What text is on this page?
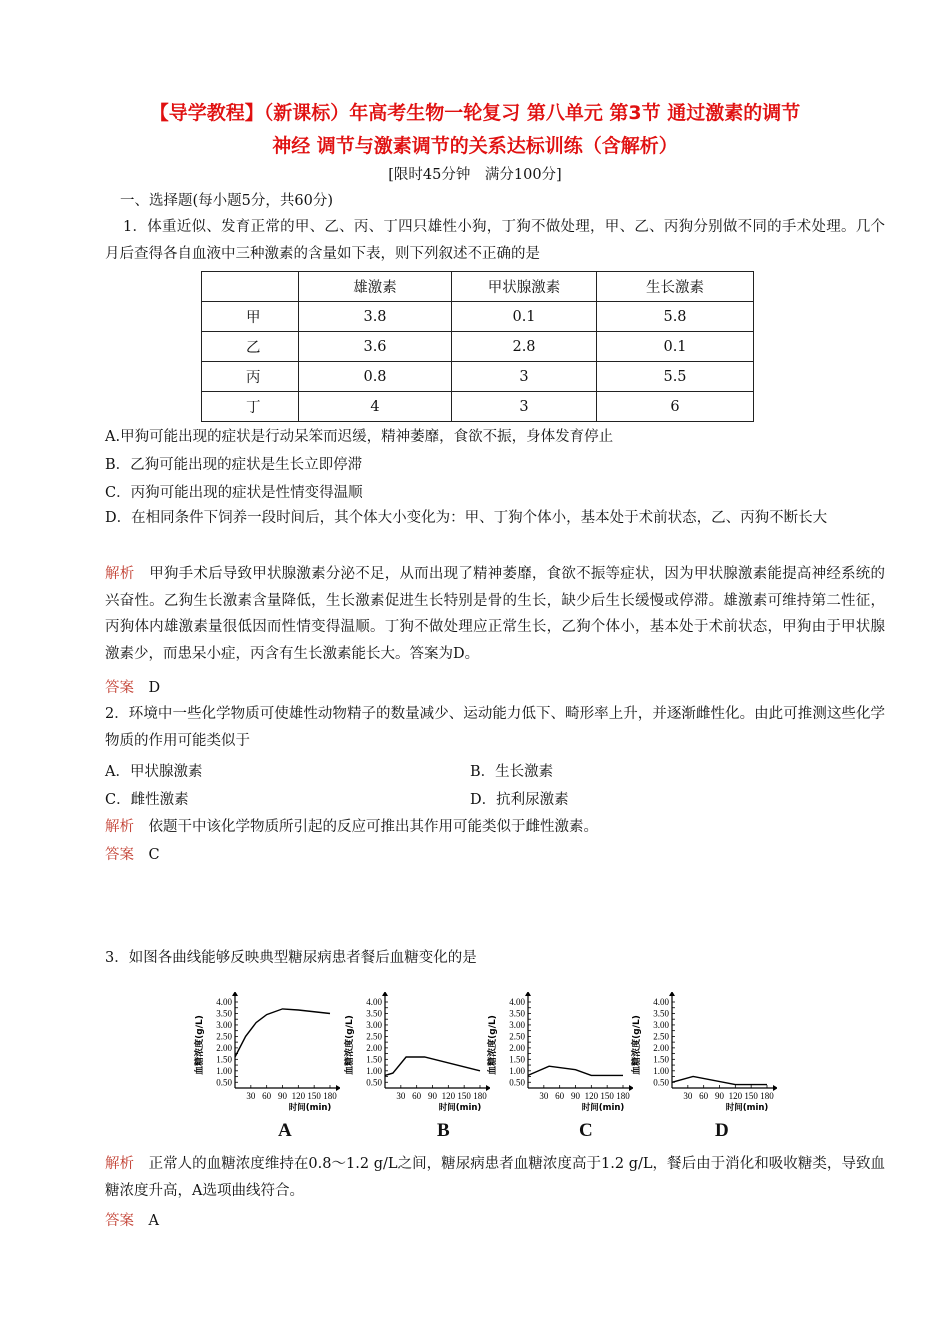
【导学教程】（新课标）年高考生物一轮复习 第八单元 第3节 通过激素的调节
神经 调节与激素调节的关系达标训练（含解析）
[限时45分钟　满分100分]
一、选择题(每小题5分，共60分)
1．体重近似、发育正常的甲、乙、丙、丁四只雄性小狗，丁狗不做处理，甲、乙、丙狗分别做不同的手术处理。几个月后查得各自血液中三种激素的含量如下表，则下列叙述不正确的是
	雄激素	甲状腺激素	生长激素
甲	3.8	0.1	5.8
乙	3.6	2.8	0.1
丙	0.8	3	5.5
丁	4	3	6
A.甲狗可能出现的症状是行动呆笨而迟缓，精神萎靡，食欲不振，身体发育停止
B．乙狗可能出现的症状是生长立即停滞
C．丙狗可能出现的症状是性情变得温顺
D．在相同条件下饲养一段时间后，其个体大小变化为：甲、丁狗个体小，基本处于术前状态，乙、丙狗不断长大
解析　 甲狗手术后导致甲状腺激素分泌不足，从而出现了精神萎靡，食欲不振等症状，因为甲状腺激素能提高神经系统的兴奋性。乙狗生长激素含量降低，生长激素促进生长特别是骨的生长，缺少后生长缓慢或停滞。雄激素可维持第二性征，丙狗体内雄激素量很低因而性情变得温顺。丁狗不做处理应正常生长，乙狗个体小，基本处于术前状态，甲狗由于甲状腺激素少，而患呆小症，丙含有生长激素能长大。答案为D。
答案　 D
2．环境中一些化学物质可使雄性动物精子的数量减少、运动能力低下、畸形率上升，并逐渐雌性化。由此可推测这些化学物质的作用可能类似于
A．甲状腺激素	B．生长激素
C．雌性激素	D．抗利尿激素
解析　 依题干中该化学物质所引起的反应可推出其作用可能类似于雌性激素。
答案　 C
3．如图各曲线能够反映典型糖尿病患者餐后血糖变化的是
0.50
1.00
1.50
2.00
2.50
3.00
3.50
4.00
30 60 90 120 150 180
时间(min)
血糖浓度(g/L)
0.50
1.00
1.50
2.00
2.50
3.00
3.50
4.00
30 60 90 120 150 180
时间(min)
血糖浓度(g/L)
0.50
1.00
1.50
2.00
2.50
3.00
3.50
4.00
30 60 90 120 150 180
时间(min)
血糖浓度(g/L)
0.50
1.00
1.50
2.00
2.50
3.00
3.50
4.00
30 60 90 120 150 180
时间(min)
血糖浓度(g/L)
A	B	C	D
解析　 正常人的血糖浓度维持在0.8～1.2 g/L之间，糖尿病患者血糖浓度高于1.2 g/L，餐后由于消化和吸收糖类，导致血糖浓度升高，A选项曲线符合。
答案　 A
